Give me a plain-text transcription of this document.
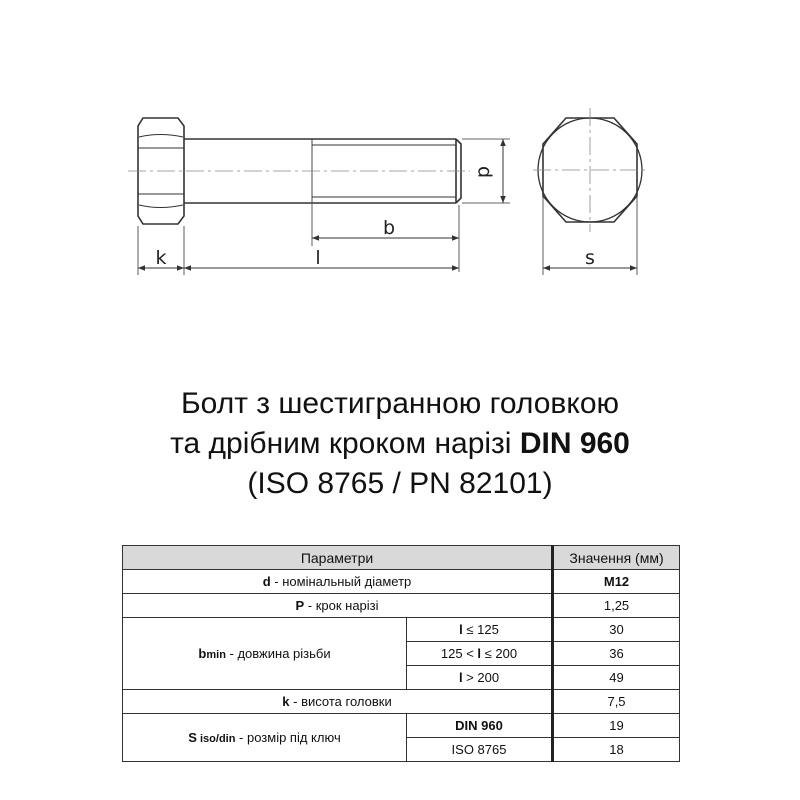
d
b
l
k	s
Болт з шестигранною головкою
та дрібним кроком нарізі DIN 960
(ISO 8765 / PN 82101)
Параметри		Значення (мм)
d - номінальный діаметр		M12
P - крок нарізі		1,25
bmin - довжина різьби	l ≤ 125	30
	125 < l ≤ 200	36
	l > 200	49
k - висота головки		7,5
S iso/din - розмір під ключ	DIN 960	19
	ISO 8765	18
